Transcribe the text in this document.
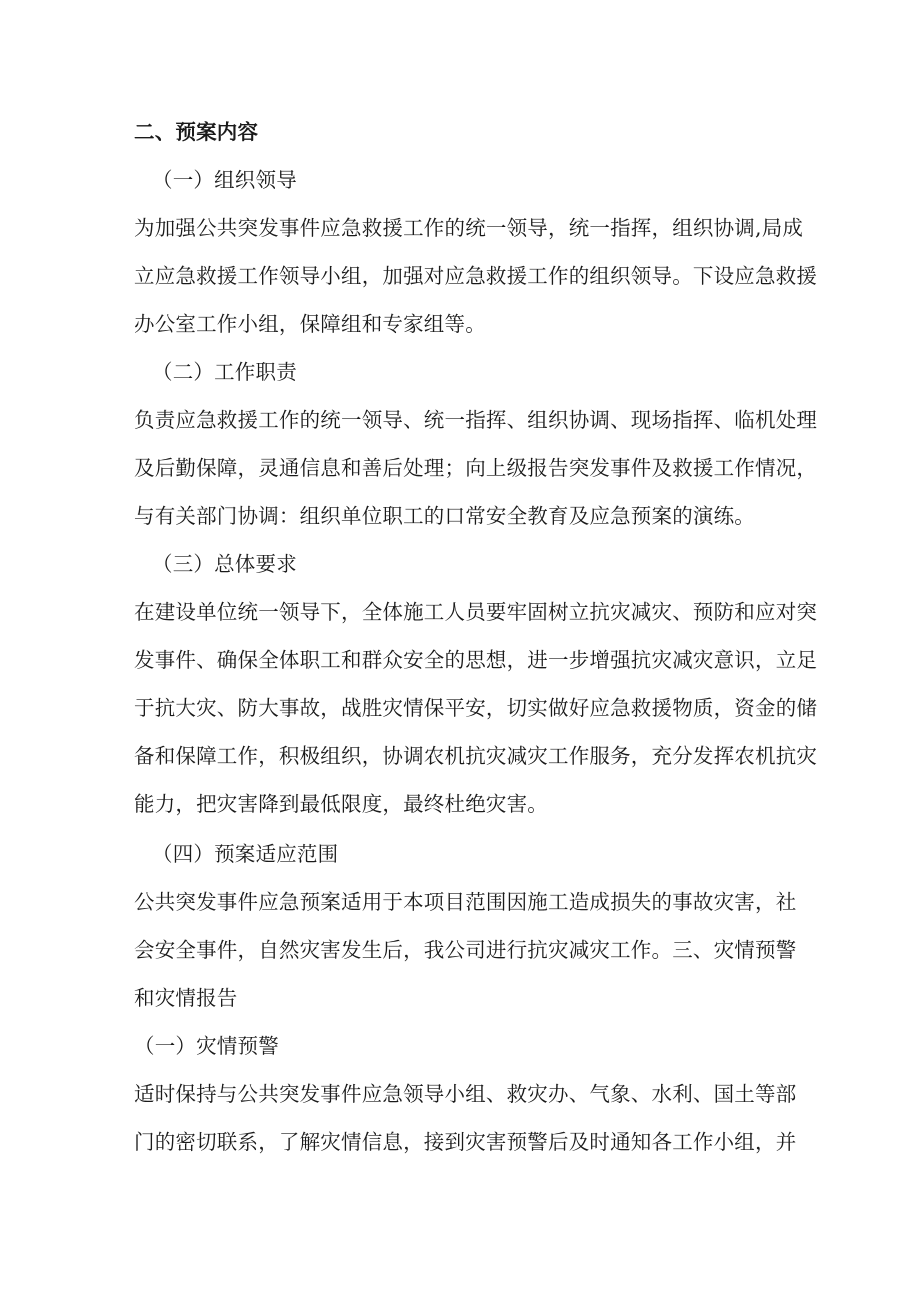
二、预案内容
（一）组织领导
为加强公共突发事件应急救援工作的统一领导，统一指挥，组织协调,局成
立应急救援工作领导小组，加强对应急救援工作的组织领导。下设应急救援
办公室工作小组，保障组和专家组等。
（二）工作职责
负责应急救援工作的统一领导、统一指挥、组织协调、现场指挥、临机处理
及后勤保障，灵通信息和善后处理；向上级报告突发事件及救援工作情况，
与有关部门协调：组织单位职工的口常安全教育及应急预案的演练。
（三）总体要求
在建设单位统一领导下，全体施工人员要牢固树立抗灾减灾、预防和应对突
发事件、确保全体职工和群众安全的思想，进一步增强抗灾减灾意识，立足
于抗大灾、防大事故，战胜灾情保平安，切实做好应急救援物质，资金的储
备和保障工作，积极组织，协调农机抗灾减灾工作服务，充分发挥农机抗灾
能力，把灾害降到最低限度，最终杜绝灾害。
（四）预案适应范围
公共突发事件应急预案适用于本项目范围因施工造成损失的事故灾害，社
会安全事件，自然灾害发生后，我公司进行抗灾减灾工作。三、灾情预警
和灾情报告
（一）灾情预警
适时保持与公共突发事件应急领导小组、救灾办、气象、水利、国土等部
门的密切联系，了解灾情信息，接到灾害预警后及时通知各工作小组，并
